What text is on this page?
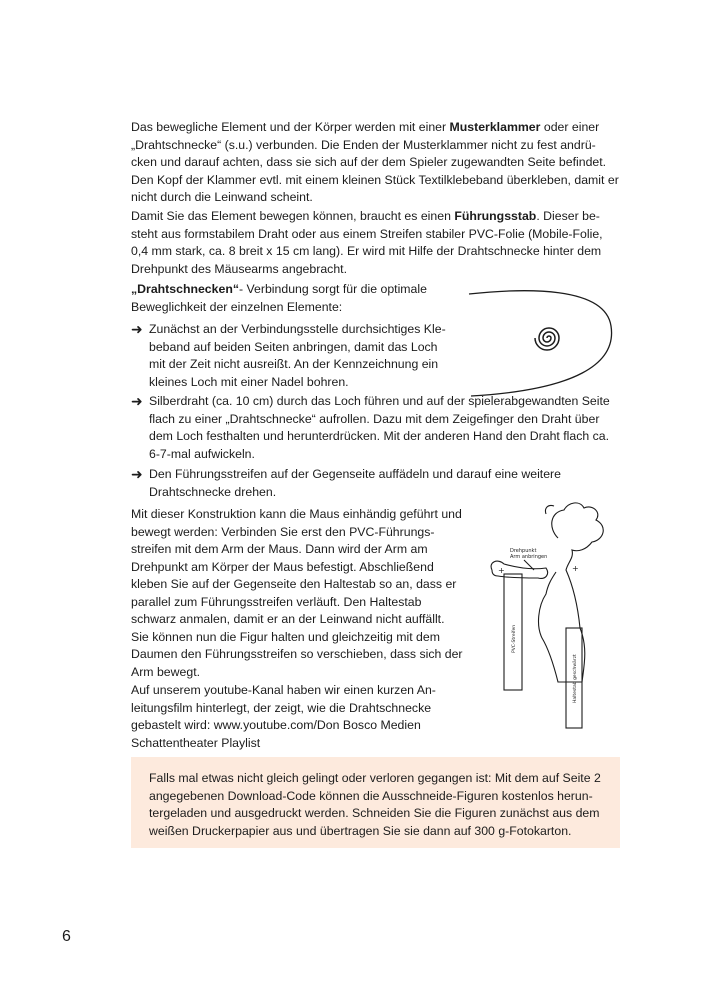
Das bewegliche Element und der Körper werden mit einer Musterklammer oder einer „Drahtschnecke“ (s.u.) verbunden. Die Enden der Musterklammer nicht zu fest andrü-cken und darauf achten, dass sie sich auf der dem Spieler zugewandten Seite befindet. Den Kopf der Klammer evtl. mit einem kleinen Stück Textilklebeband überkleben, damit er nicht durch die Leinwand scheint.

Damit Sie das Element bewegen können, braucht es einen Führungsstab. Dieser be-steht aus formstabilem Draht oder aus einem Streifen stabiler PVC-Folie (Mobile-Folie, 0,4 mm stark, ca. 8 breit x 15 cm lang). Er wird mit Hilfe der Drahtschnecke hinter dem Drehpunkt des Mäusearms angebracht.

„Drahtschnecken“- Verbindung sorgt für die optimale Beweglichkeit der einzelnen Elemente:

➜ Zunächst an der Verbindungsstelle durchsichtiges Kle-beband auf beiden Seiten anbringen, damit das Loch mit der Zeit nicht ausreißt. An der Kennzeichnung ein kleines Loch mit einer Nadel bohren.
➜ Silberdraht (ca. 10 cm) durch das Loch führen und auf der spielerabgewandten Seite flach zu einer „Drahtschnecke“ aufrollen. Dazu mit dem Zeigefinger den Draht über dem Loch festhalten und herunterdrücken. Mit der anderen Hand den Draht flach ca. 6-7-mal aufwickeln.
➜ Den Führungsstreifen auf der Gegenseite auffädeln und darauf eine weitere Drahtschnecke drehen.

Mit dieser Konstruktion kann die Maus einhändig geführt und bewegt werden: Verbinden Sie erst den PVC-Führungs-streifen mit dem Arm der Maus. Dann wird der Arm am Drehpunkt am Körper der Maus befestigt. Abschließend kleben Sie auf der Gegenseite den Haltestab so an, dass er parallel zum Führungsstreifen verläuft. Den Haltestab schwarz anmalen, damit er an der Leinwand nicht auffällt. Sie können nun die Figur halten und gleichzeitig mit dem Daumen den Führungsstreifen so verschieben, dass sich der Arm bewegt.

Auf unserem youtube-Kanal haben wir einen kurzen An-leitungsfilm hinterlegt, der zeigt, wie die Drahtschnecke gebastelt wird: www.youtube.com/Don Bosco Medien Schattentheater Playlist

Falls mal etwas nicht gleich gelingt oder verloren gegangen ist: Mit dem auf Seite 2 angegebenen Download-Code können die Ausschneide-Figuren kostenlos herun-tergeladen und ausgedruckt werden. Schneiden Sie die Figuren zunächst aus dem weißen Druckerpapier aus und übertragen Sie sie dann auf 300 g-Fotokarton.

+	+
Drehpunkt
Arm anbringen
PVC-Streifen
Haltestab geschwärzt
6
